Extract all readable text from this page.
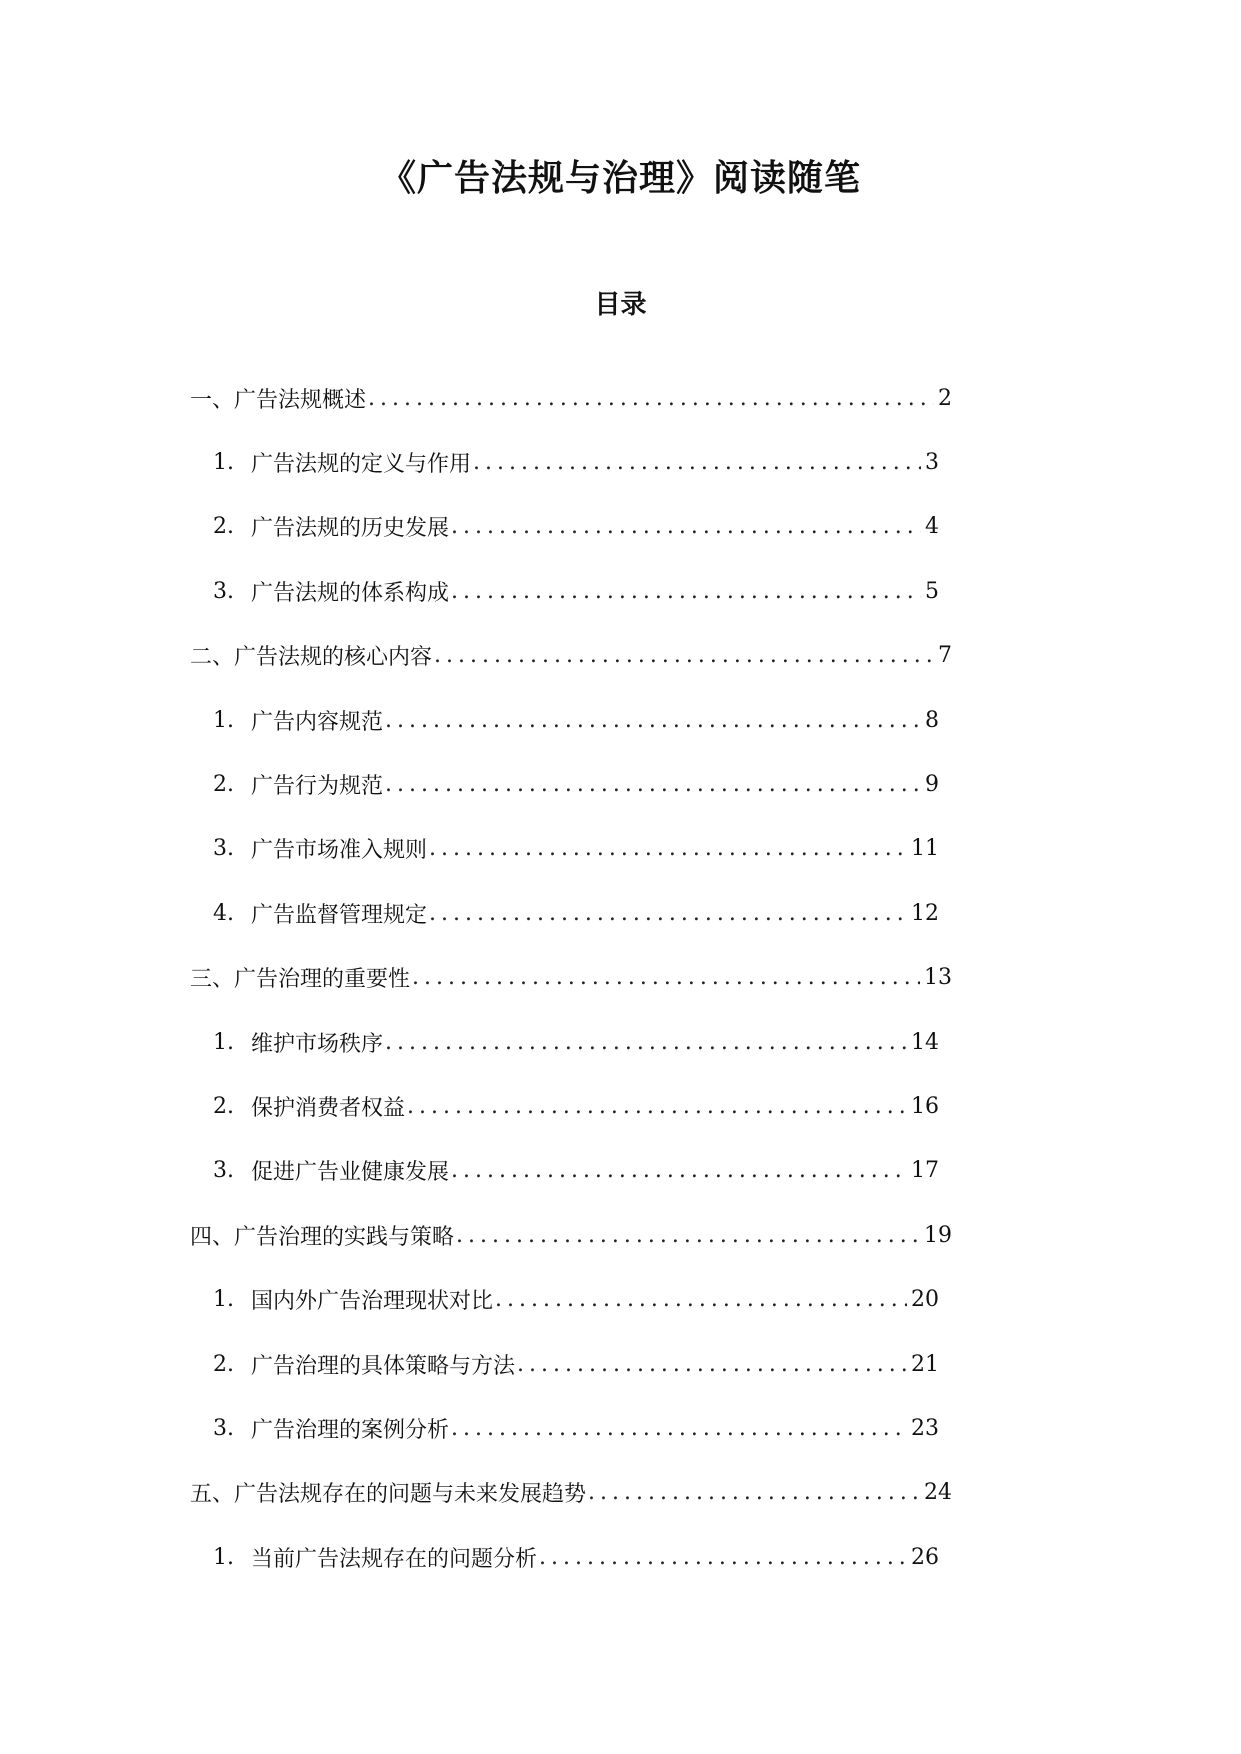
《广告法规与治理》阅读随笔
目录
一、广告法规概述 .....	2
1. 广告法规的定义与作用 .....	3
2. 广告法规的历史发展 .....	4
3. 广告法规的体系构成 .....	5
二、广告法规的核心内容 .....	7
1. 广告内容规范 .....	8
2. 广告行为规范 .....	9
3. 广告市场准入规则 .....	11
4. 广告监督管理规定 .....	12
三、广告治理的重要性 .....	13
1. 维护市场秩序 .....	14
2. 保护消费者权益 .....	16
3. 促进广告业健康发展 .....	17
四、广告治理的实践与策略 .....	19
1. 国内外广告治理现状对比 .....	20
2. 广告治理的具体策略与方法 .....	21
3. 广告治理的案例分析 .....	23
五、广告法规存在的问题与未来发展趋势 .....	24
1. 当前广告法规存在的问题分析 .....	26
